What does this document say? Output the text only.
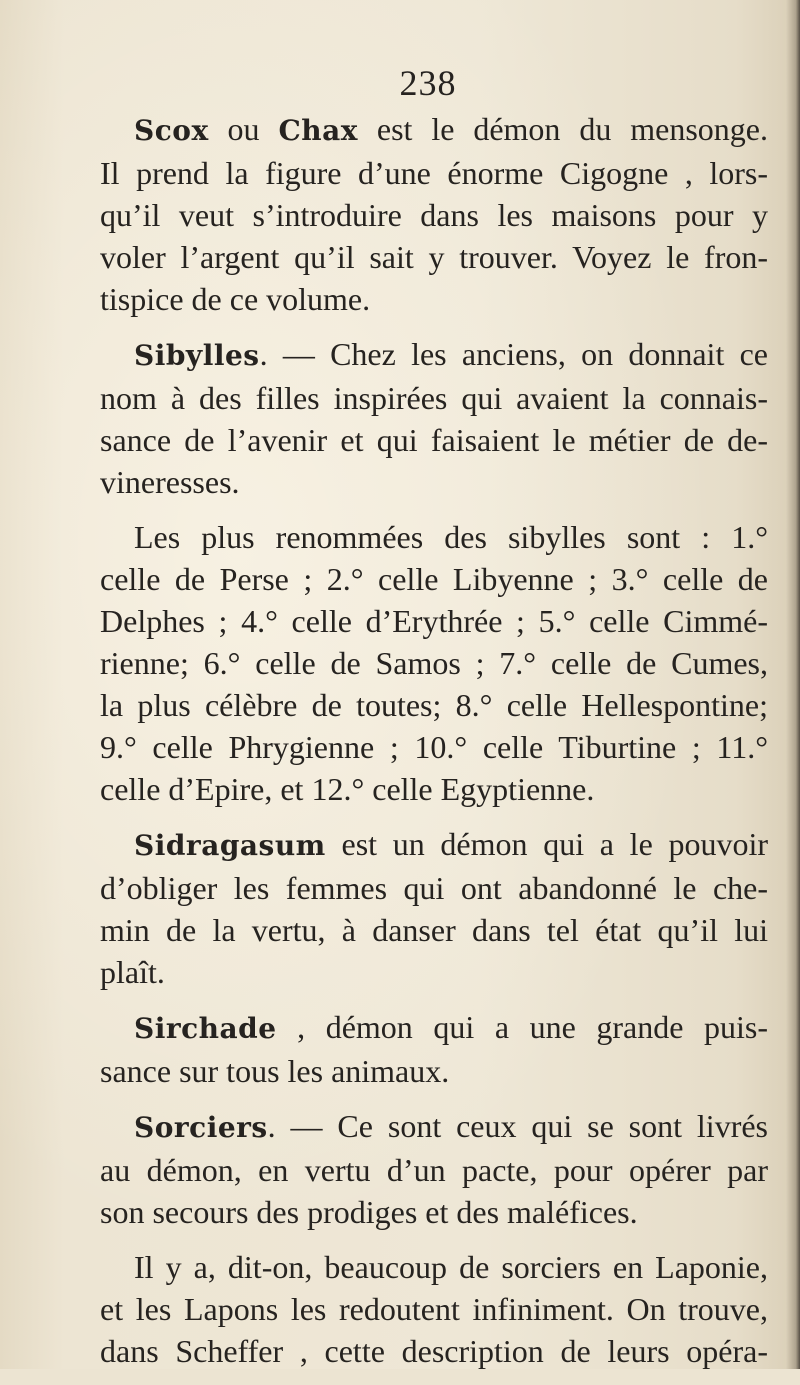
238
Scox ou Chax est le démon du mensonge.
Il prend la figure d’une énorme Cigogne , lors-
qu’il veut s’introduire dans les maisons pour y
voler l’argent qu’il sait y trouver. Voyez le fron-
tispice de ce volume.
Sibylles. — Chez les anciens, on donnait ce
nom à des filles inspirées qui avaient la connais-
sance de l’avenir et qui faisaient le métier de de-
vineresses.
Les plus renommées des sibylles sont : 1.°
celle de Perse ; 2.° celle Libyenne ; 3.° celle de
Delphes ; 4.° celle d’Erythrée ; 5.° celle Cimmé-
rienne; 6.° celle de Samos ; 7.° celle de Cumes,
la plus célèbre de toutes; 8.° celle Hellespontine;
9.° celle Phrygienne ; 10.° celle Tiburtine ; 11.°
celle d’Epire, et 12.° celle Egyptienne.
Sidragasum est un démon qui a le pouvoir
d’obliger les femmes qui ont abandonné le che-
min de la vertu, à danser dans tel état qu’il lui
plaît.
Sirchade , démon qui a une grande puis-
sance sur tous les animaux.
Sorciers. — Ce sont ceux qui se sont livrés
au démon, en vertu d’un pacte, pour opérer par
son secours des prodiges et des maléfices.
Il y a, dit-on, beaucoup de sorciers en Laponie,
et les Lapons les redoutent infiniment. On trouve,
dans Scheffer , cette description de leurs opéra-
